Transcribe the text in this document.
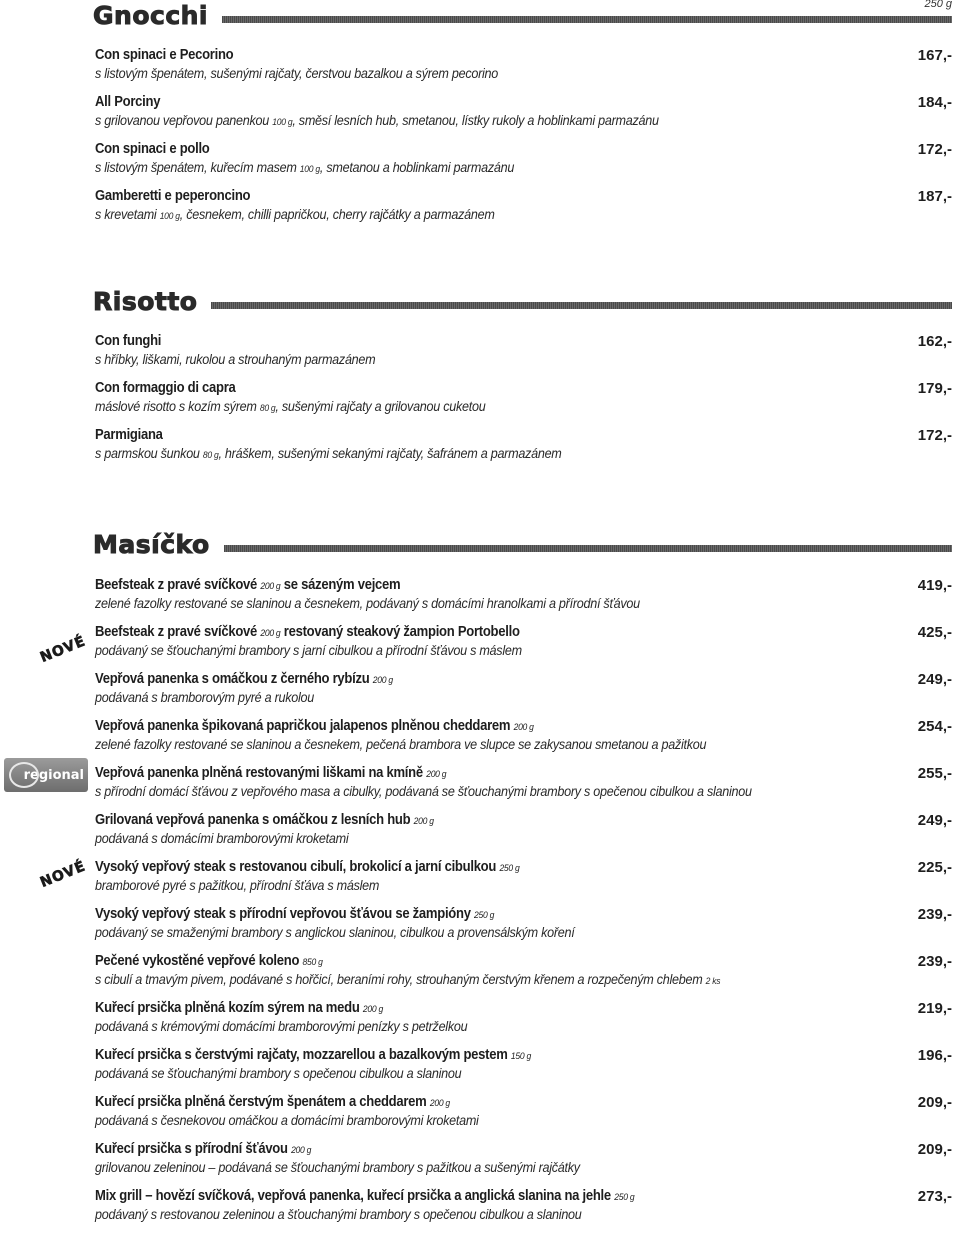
Gnocchi	250 g
Con spinaci e Pecorino
s listovým špenátem, sušenými rajčaty, čerstvou bazalkou a sýrem pecorino
167,-
All Porciny
s grilovanou vepřovou panenkou 100 g, směsí lesních hub, smetanou, lístky rukoly a hoblinkami parmazánu
184,-
Con spinaci e pollo
s listovým špenátem, kuřecím masem 100 g, smetanou a hoblinkami parmazánu
172,-
Gamberetti e peperoncino
s krevetami 100 g, česnekem, chilli papričkou, cherry rajčátky a parmazánem
187,-
Risotto
Con funghi
s hříbky, liškami, rukolou a strouhaným parmazánem
162,-
Con formaggio di capra
máslové risotto s kozím sýrem 80 g, sušenými rajčaty a grilovanou cuketou
179,-
Parmigiana
s parmskou šunkou 80 g, hráškem, sušenými sekanými rajčaty, šafránem a parmazánem
172,-
Masíčko
Beefsteak z pravé svíčkové 200 g se sázeným vejcem
zelené fazolky restované se slaninou a česnekem, podávaný s domácími hranolkami a přírodní šťávou
419,-
Beefsteak z pravé svíčkové 200 g restovaný steakový žampion Portobello
podávaný se šťouchanými brambory s jarní cibulkou a přírodní šťávou s máslem
425,-
Vepřová panenka s omáčkou z černého rybízu 200 g
podávaná s bramborovým pyré a rukolou
249,-
Vepřová panenka špikovaná papričkou jalapenos plněnou cheddarem 200 g
zelené fazolky restované se slaninou a česnekem, pečená brambora ve slupce se zakysanou smetanou a pažitkou
254,-
Vepřová panenka plněná restovanými liškami na kmíně 200 g
s přírodní domácí šťávou z vepřového masa a cibulky, podávaná se šťouchanými brambory s opečenou cibulkou a slaninou
255,-
Grilovaná vepřová panenka s omáčkou z lesních hub 200 g
podávaná s domácími bramborovými kroketami
249,-
Vysoký vepřový steak s restovanou cibulí, brokolicí a jarní cibulkou 250 g
bramborové pyré s pažitkou, přírodní šťáva s máslem
225,-
Vysoký vepřový steak s přírodní vepřovou šťávou se žampióny 250 g
podávaný se smaženými brambory s anglickou slaninou, cibulkou a provensálským koření
239,-
Pečené vykostěné vepřové koleno 850 g
s cibulí a tmavým pivem, podávané s hořčicí, beraními rohy, strouhaným čerstvým křenem a rozpečeným chlebem 2 ks
239,-
Kuřecí prsička plněná kozím sýrem na medu 200 g
podávaná s krémovými domácími bramborovými penízky s petrželkou
219,-
Kuřecí prsička s čerstvými rajčaty, mozzarellou a bazalkovým pestem 150 g
podávaná se šťouchanými brambory s opečenou cibulkou a slaninou
196,-
Kuřecí prsička plněná čerstvým špenátem a cheddarem 200 g
podávaná s česnekovou omáčkou a domácími bramborovými kroketami
209,-
Kuřecí prsička s přírodní šťávou 200 g
grilovanou zeleninou – podávaná se šťouchanými brambory s pažitkou a sušenými rajčátky
209,-
Mix grill – hovězí svíčková, vepřová panenka, kuřecí prsička a anglická slanina na jehle 250 g
podávaný s restovanou zeleninou a šťouchanými brambory s opečenou cibulkou a slaninou
273,-
NOVÉ
NOVÉ
regional
